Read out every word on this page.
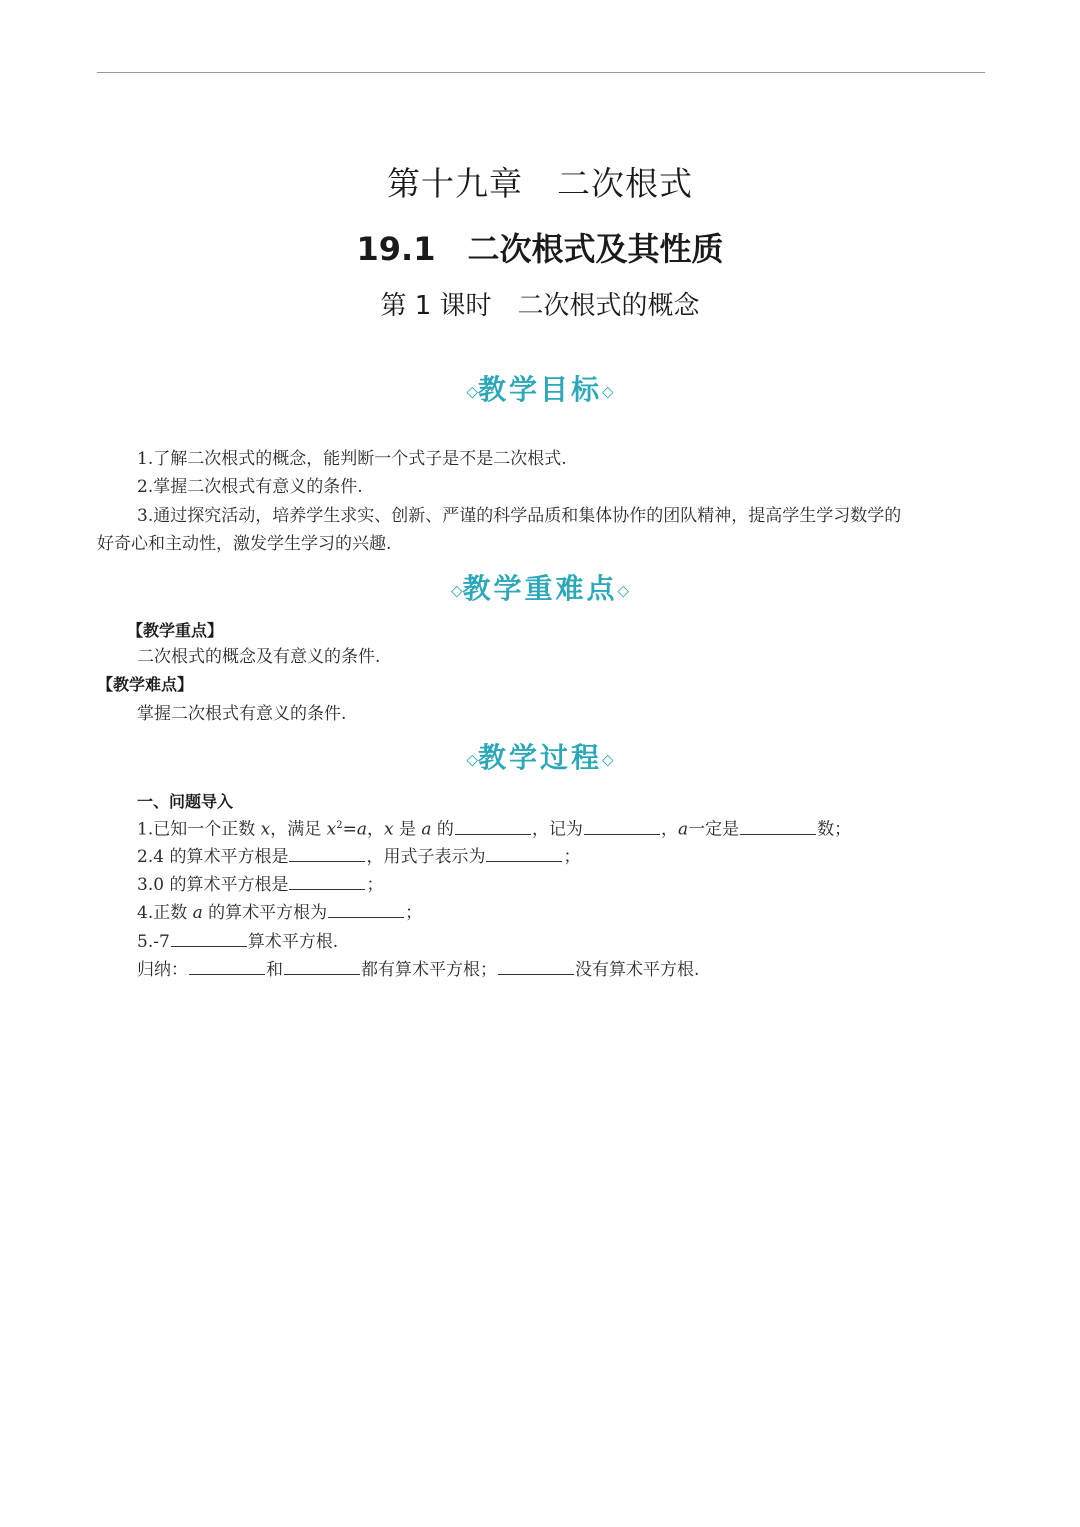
第十九章　二次根式
19.1　二次根式及其性质
第 1 课时　二次根式的概念
◇教学目标◇
1.了解二次根式的概念，能判断一个式子是不是二次根式.
2.掌握二次根式有意义的条件.
3.通过探究活动，培养学生求实、创新、严谨的科学品质和集体协作的团队精神，提高学生学习数学的
好奇心和主动性，激发学生学习的兴趣.
◇教学重难点◇
【教学重点】
二次根式的概念及有意义的条件.
【教学难点】
掌握二次根式有意义的条件.
◇教学过程◇
一、问题导入
1.已知一个正数 x，满足 $x^2=a$，x 是 a 的	，记为	，a一定是	数；
2.4 的算术平方根是	，用式子表示为	；
3.0 的算术平方根是	；
4.正数 a 的算术平方根为	；
5.-7	算术平方根.
归纳：	和	都有算术平方根；	没有算术平方根.
